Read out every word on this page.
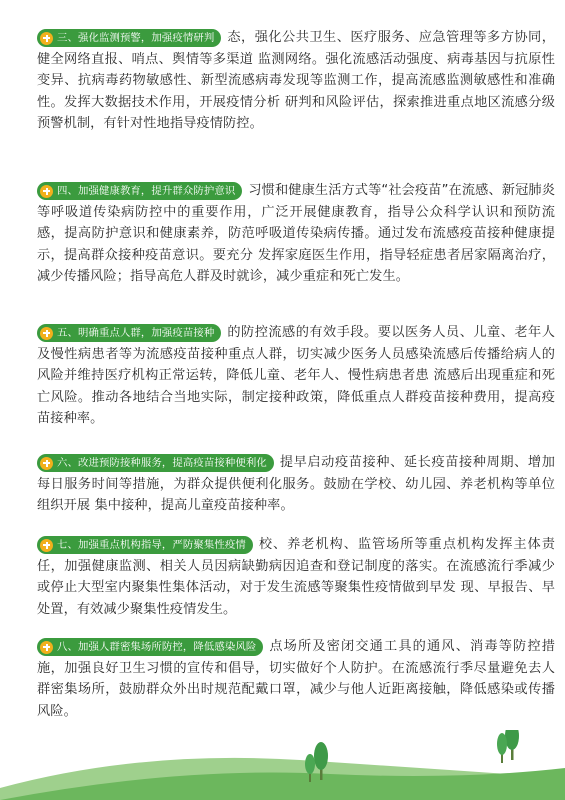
三、强化监测预警，加强疫情研判 态，强化公共卫生、医疗服务、应急管理等多方协同，健全网络直报、哨点、舆情等多渠道 监测网络。强化流感活动强度、病毒基因与抗原性变异、抗病毒药物敏感性、新型流感病毒发现等监测工作，提高流感监测敏感性和准确性。发挥大数据技术作用，开展疫情分析 研判和风险评估，探索推进重点地区流感分级预警机制，有针对性地指导疫情防控。

四、加强健康教育，提升群众防护意识 习惯和健康生活方式等“社会疫苗”在流感、新冠肺炎等呼吸道传染病防控中的重要作用，广泛开展健康教育，指导公众科学认识和预防流感，提高防护意识和健康素养，防范呼吸道传染病传播。通过发布流感疫苗接种健康提示，提高群众接种疫苗意识。要充分 发挥家庭医生作用，指导轻症患者居家隔离治疗，减少传播风险；指导高危人群及时就诊，减少重症和死亡发生。

五、明确重点人群，加强疫苗接种 的防控流感的有效手段。要以医务人员、儿童、老年人及慢性病患者等为流感疫苗接种重点人群，切实减少医务人员感染流感后传播给病人的风险并维持医疗机构正常运转，降低儿童、老年人、慢性病患者患 流感后出现重症和死亡风险。推动各地结合当地实际，制定接种政策，降低重点人群疫苗接种费用，提高疫苗接种率。

六、改进预防接种服务，提高疫苗接种便利化 提早启动疫苗接种、延长疫苗接种周期、增加每日服务时间等措施，为群众提供便利化服务。鼓励在学校、幼儿园、养老机构等单位组织开展 集中接种，提高儿童疫苗接种率。

七、加强重点机构指导，严防聚集性疫情 校、养老机构、监管场所等重点机构发挥主体责任，加强健康监测、相关人员因病缺勤病因追查和登记制度的落实。在流感流行季减少或停止大型室内聚集性集体活动，对于发生流感等聚集性疫情做到早发 现、早报告、早处置，有效减少聚集性疫情发生。

八、加强人群密集场所防控，降低感染风险 点场所及密闭交通工具的通风、消毒等防控措施，加强良好卫生习惯的宣传和倡导，切实做好个人防护。在流感流行季尽量避免去人群密集场所，鼓励群众外出时规范配戴口罩，减少与他人近距离接触，降低感染或传播风险。
